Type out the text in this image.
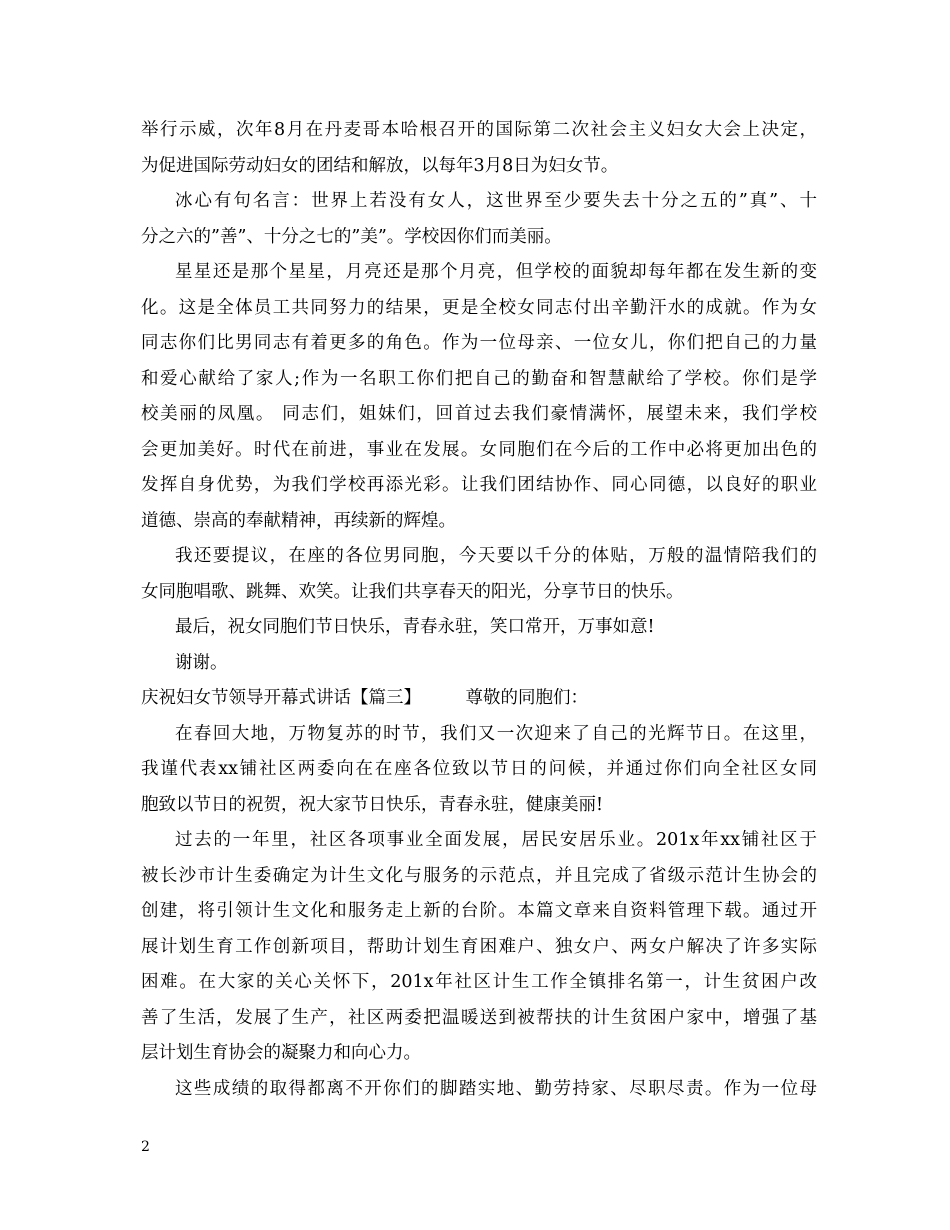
举行示威，次年8月在丹麦哥本哈根召开的国际第二次社会主义妇女大会上决定，
为促进国际劳动妇女的团结和解放，以每年3月8日为妇女节。
冰心有句名言：世界上若没有女人，这世界至少要失去十分之五的”真”、十
分之六的”善”、十分之七的”美”。学校因你们而美丽。
星星还是那个星星，月亮还是那个月亮，但学校的面貌却每年都在发生新的变
化。这是全体员工共同努力的结果，更是全校女同志付出辛勤汗水的成就。作为女
同志你们比男同志有着更多的角色。作为一位母亲、一位女儿，你们把自己的力量
和爱心献给了家人;作为一名职工你们把自己的勤奋和智慧献给了学校。你们是学
校美丽的凤凰。 同志们，姐妹们，回首过去我们豪情满怀，展望未来，我们学校
会更加美好。时代在前进，事业在发展。女同胞们在今后的工作中必将更加出色的
发挥自身优势，为我们学校再添光彩。让我们团结协作、同心同德，以良好的职业
道德、崇高的奉献精神，再续新的辉煌。
我还要提议，在座的各位男同胞，今天要以千分的体贴，万般的温情陪我们的
女同胞唱歌、跳舞、欢笑。让我们共享春天的阳光，分享节日的快乐。
最后，祝女同胞们节日快乐，青春永驻，笑口常开，万事如意!
谢谢。
庆祝妇女节领导开幕式讲话【篇三】        尊敬的同胞们：
在春回大地，万物复苏的时节，我们又一次迎来了自己的光辉节日。在这里，
我谨代表xx铺社区两委向在在座各位致以节日的问候，并通过你们向全社区女同
胞致以节日的祝贺，祝大家节日快乐，青春永驻，健康美丽!
过去的一年里，社区各项事业全面发展，居民安居乐业。201x年xx铺社区于
被长沙市计生委确定为计生文化与服务的示范点，并且完成了省级示范计生协会的
创建，将引领计生文化和服务走上新的台阶。本篇文章来自资料管理下载。通过开
展计划生育工作创新项目，帮助计划生育困难户、独女户、两女户解决了许多实际
困难。在大家的关心关怀下，201x年社区计生工作全镇排名第一，计生贫困户改
善了生活，发展了生产，社区两委把温暖送到被帮扶的计生贫困户家中，增强了基
层计划生育协会的凝聚力和向心力。
这些成绩的取得都离不开你们的脚踏实地、勤劳持家、尽职尽责。作为一位母
2
